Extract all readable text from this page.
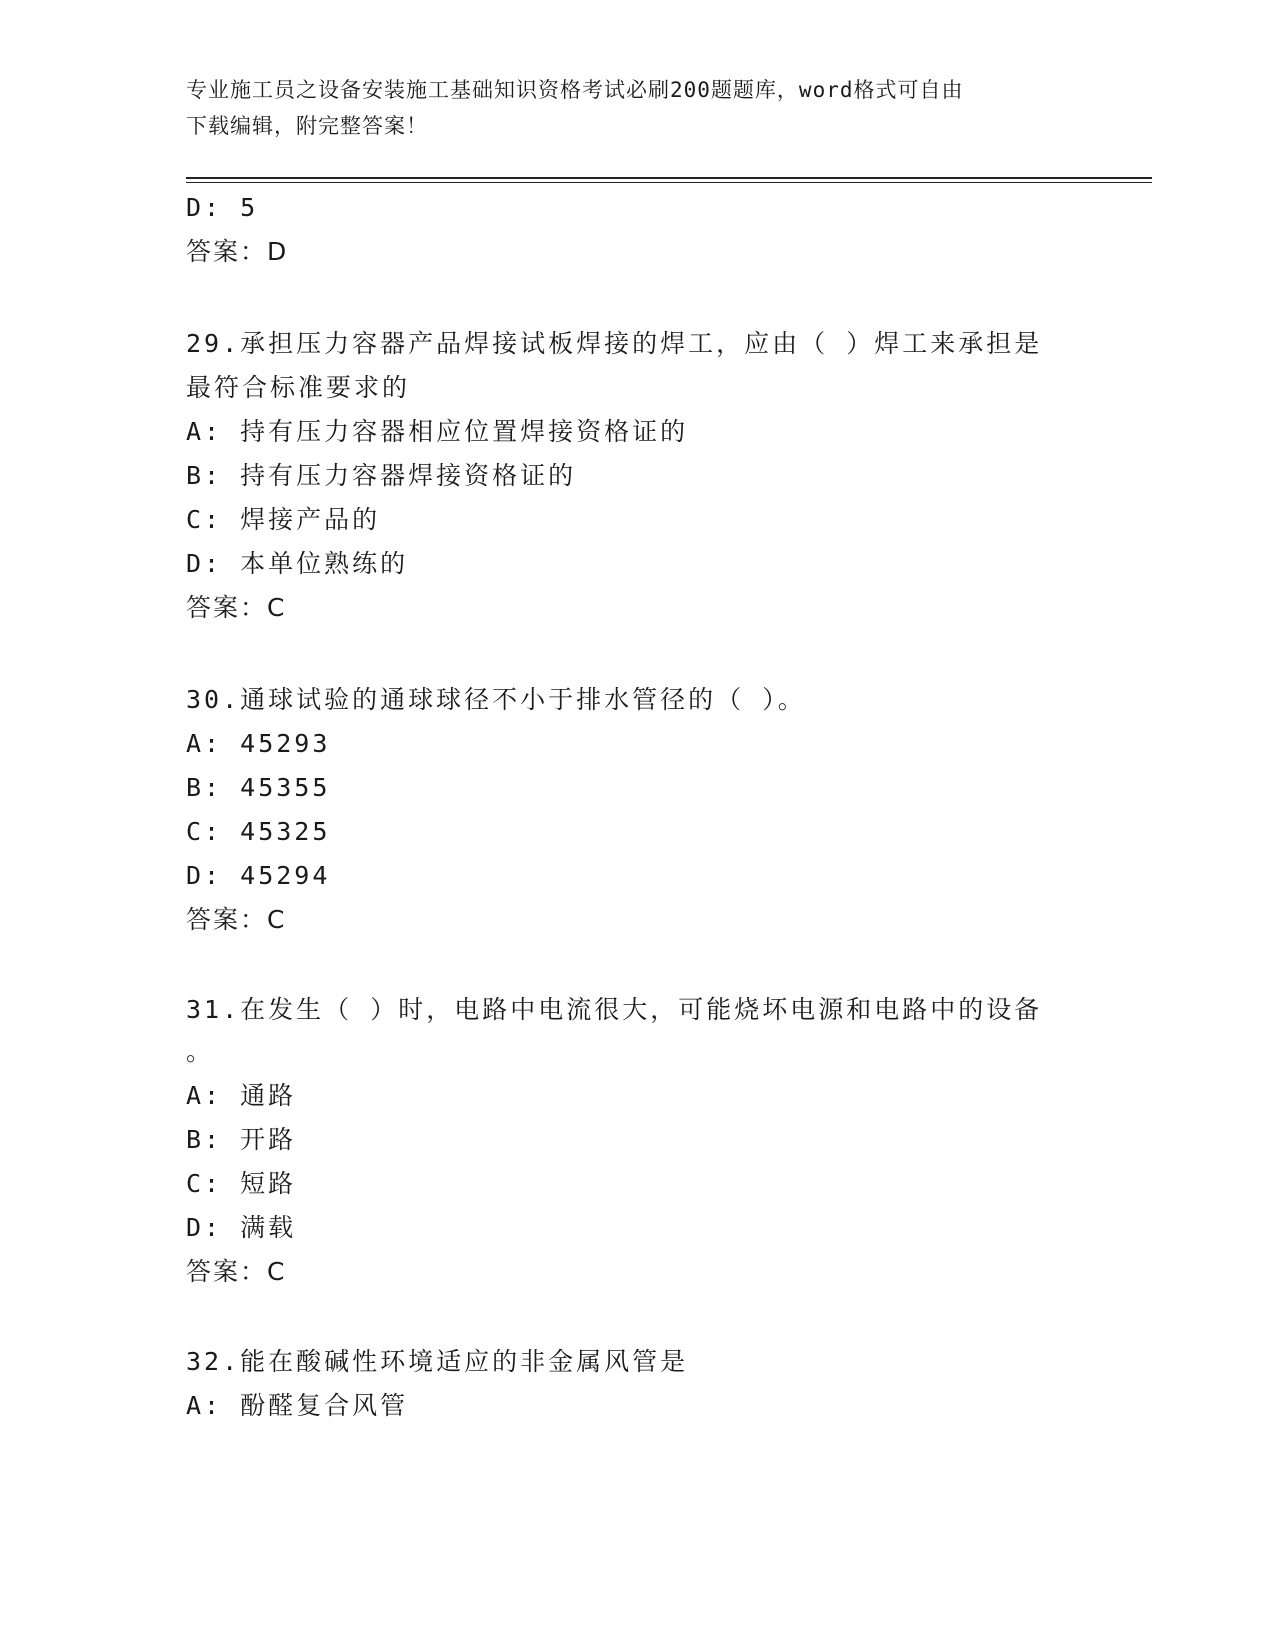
专业施工员之设备安装施工基础知识资格考试必刷200题题库，word格式可自由
下载编辑，附完整答案！
D: 5
答案：D
29.承担压力容器产品焊接试板焊接的焊工，应由（ ）焊工来承担是
最符合标准要求的
A: 持有压力容器相应位置焊接资格证的
B: 持有压力容器焊接资格证的
C: 焊接产品的
D: 本单位熟练的
答案：C
30.通球试验的通球球径不小于排水管径的（ ）。
A: 45293
B: 45355
C: 45325
D: 45294
答案：C
31.在发生（ ）时，电路中电流很大，可能烧坏电源和电路中的设备
。
A: 通路
B: 开路
C: 短路
D: 满载
答案：C
32.能在酸碱性环境适应的非金属风管是
A: 酚醛复合风管
